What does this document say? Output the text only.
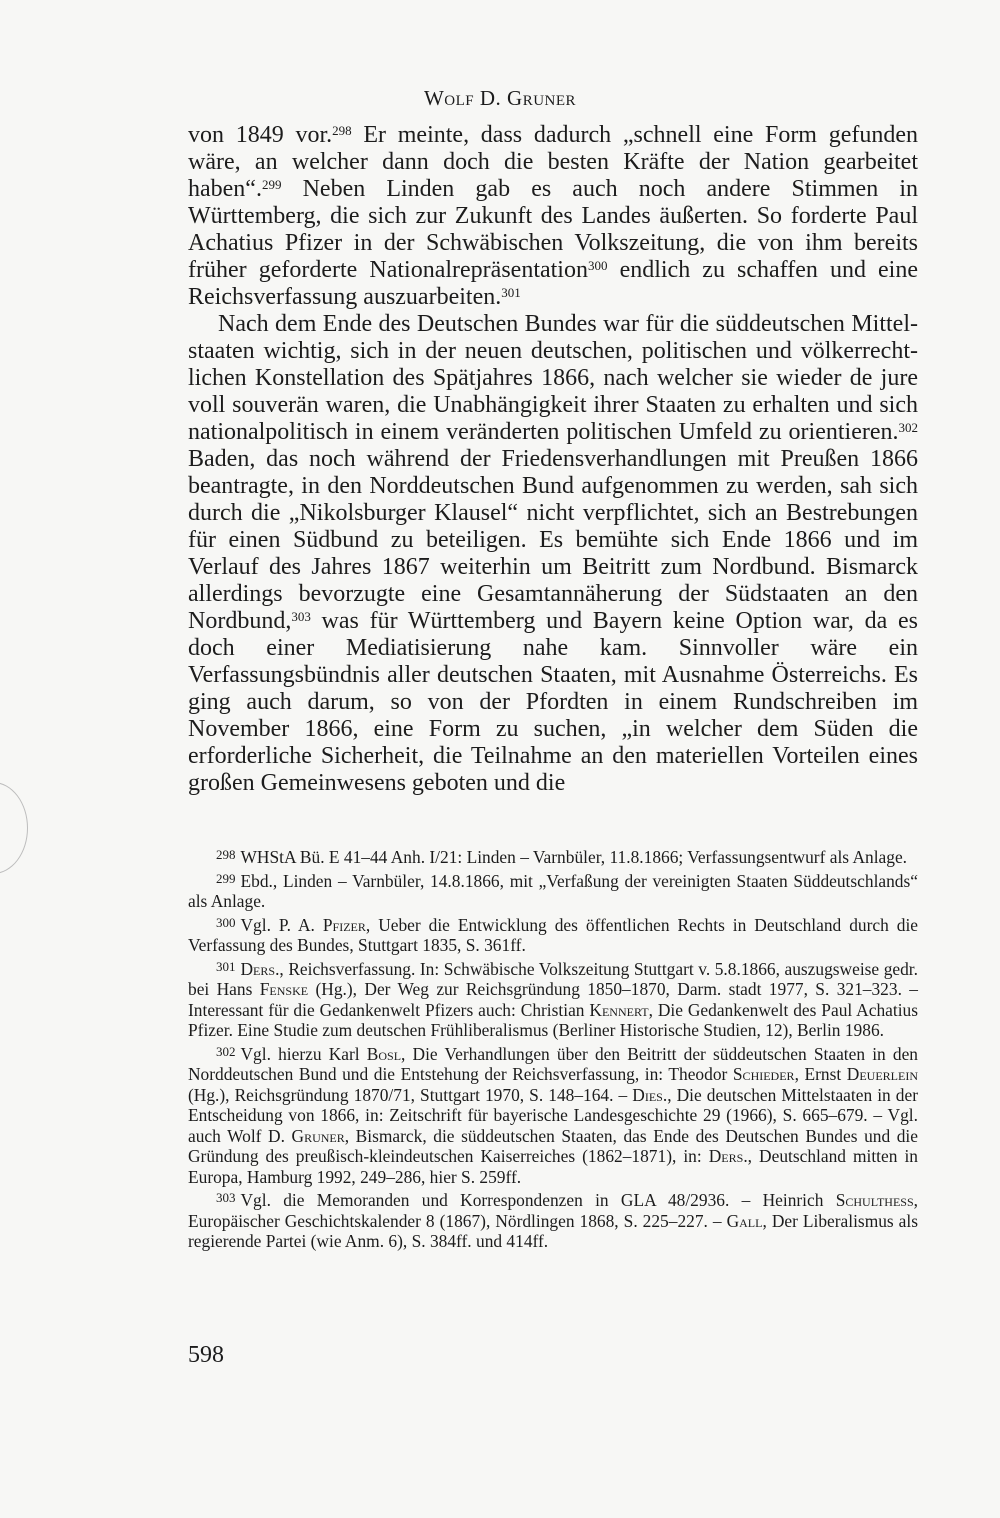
Wolf D. Gruner

von 1849 vor.$^{298}$ Er meinte, dass dadurch „schnell eine Form gefunden wäre, an welcher dann doch die besten Kräfte der Nation gearbeitet haben“.$^{299}$ Neben Linden gab es auch noch andere Stimmen in Württemberg, die sich zur Zukunft des Landes äußerten. So forderte Paul Achatius Pfizer in der Schwäbischen Volkszeitung, die von ihm bereits früher geforderte Nationalrepräsentation$^{300}$ endlich zu schaffen und eine Reichsverfassung auszuarbeiten.$^{301}$

Nach dem Ende des Deutschen Bundes war für die süddeutschen Mittelstaaten wichtig, sich in der neuen deutschen, politischen und völkerrechtlichen Konstellation des Spätjahres 1866, nach welcher sie wieder de jure voll souverän waren, die Unabhängigkeit ihrer Staaten zu erhalten und sich nationalpolitisch in einem veränderten politischen Umfeld zu orientieren.$^{302}$ Baden, das noch während der Friedensverhandlungen mit Preußen 1866 beantragte, in den Norddeutschen Bund aufgenommen zu werden, sah sich durch die „Nikolsburger Klausel“ nicht verpflichtet, sich an Bestrebungen für einen Südbund zu beteiligen. Es bemühte sich Ende 1866 und im Verlauf des Jahres 1867 weiterhin um Beitritt zum Nordbund. Bismarck allerdings bevorzugte eine Gesamtannäherung der Südstaaten an den Nordbund,$^{303}$ was für Württemberg und Bayern keine Option war, da es doch einer Mediatisierung nahe kam. Sinnvoller wäre ein Verfassungsbündnis aller deutschen Staaten, mit Ausnahme Österreichs. Es ging auch darum, so von der Pfordten in einem Rundschreiben im November 1866, eine Form zu suchen, „in welcher dem Süden die erforderliche Sicherheit, die Teilnahme an den materiellen Vorteilen eines großen Gemeinwesens geboten und die

$^{298}$ WHStA Bü. E 41–44 Anh. I/21: Linden – Varnbüler, 11.8.1866; Verfassungsentwurf als Anlage.

$^{299}$ Ebd., Linden – Varnbüler, 14.8.1866, mit „Verfaßung der vereinigten Staaten Süddeutschlands“ als Anlage.

$^{300}$ Vgl. P. A. Pfizer, Ueber die Entwicklung des öffentlichen Rechts in Deutschland durch die Verfassung des Bundes, Stuttgart 1835, S. 361ff.

$^{301}$ Ders., Reichsverfassung. In: Schwäbische Volkszeitung Stuttgart v. 5.8.1866, auszugsweise gedr. bei Hans Fenske (Hg.), Der Weg zur Reichsgründung 1850–1870, Darm. stadt 1977, S. 321–323. – Interessant für die Gedankenwelt Pfizers auch: Christian Kennert, Die Gedankenwelt des Paul Achatius Pfizer. Eine Studie zum deutschen Frühliberalismus (Berliner Historische Studien, 12), Berlin 1986.

$^{302}$ Vgl. hierzu Karl Bosl, Die Verhandlungen über den Beitritt der süddeutschen Staaten in den Norddeutschen Bund und die Entstehung der Reichsverfassung, in: Theodor Schieder, Ernst Deuerlein (Hg.), Reichsgründung 1870/71, Stuttgart 1970, S. 148–164. – Dies., Die deutschen Mittelstaaten in der Entscheidung von 1866, in: Zeitschrift für bayerische Landesgeschichte 29 (1966), S. 665–679. – Vgl. auch Wolf D. Gruner, Bismarck, die süddeutschen Staaten, das Ende des Deutschen Bundes und die Gründung des preußisch-kleindeutschen Kaiserreiches (1862–1871), in: Ders., Deutschland mitten in Europa, Hamburg 1992, 249–286, hier S. 259ff.

$^{303}$ Vgl. die Memoranden und Korrespondenzen in GLA 48/2936. – Heinrich Schulthess, Europäischer Geschichtskalender 8 (1867), Nördlingen 1868, S. 225–227. – Gall, Der Liberalismus als regierende Partei (wie Anm. 6), S. 384ff. und 414ff.

598
